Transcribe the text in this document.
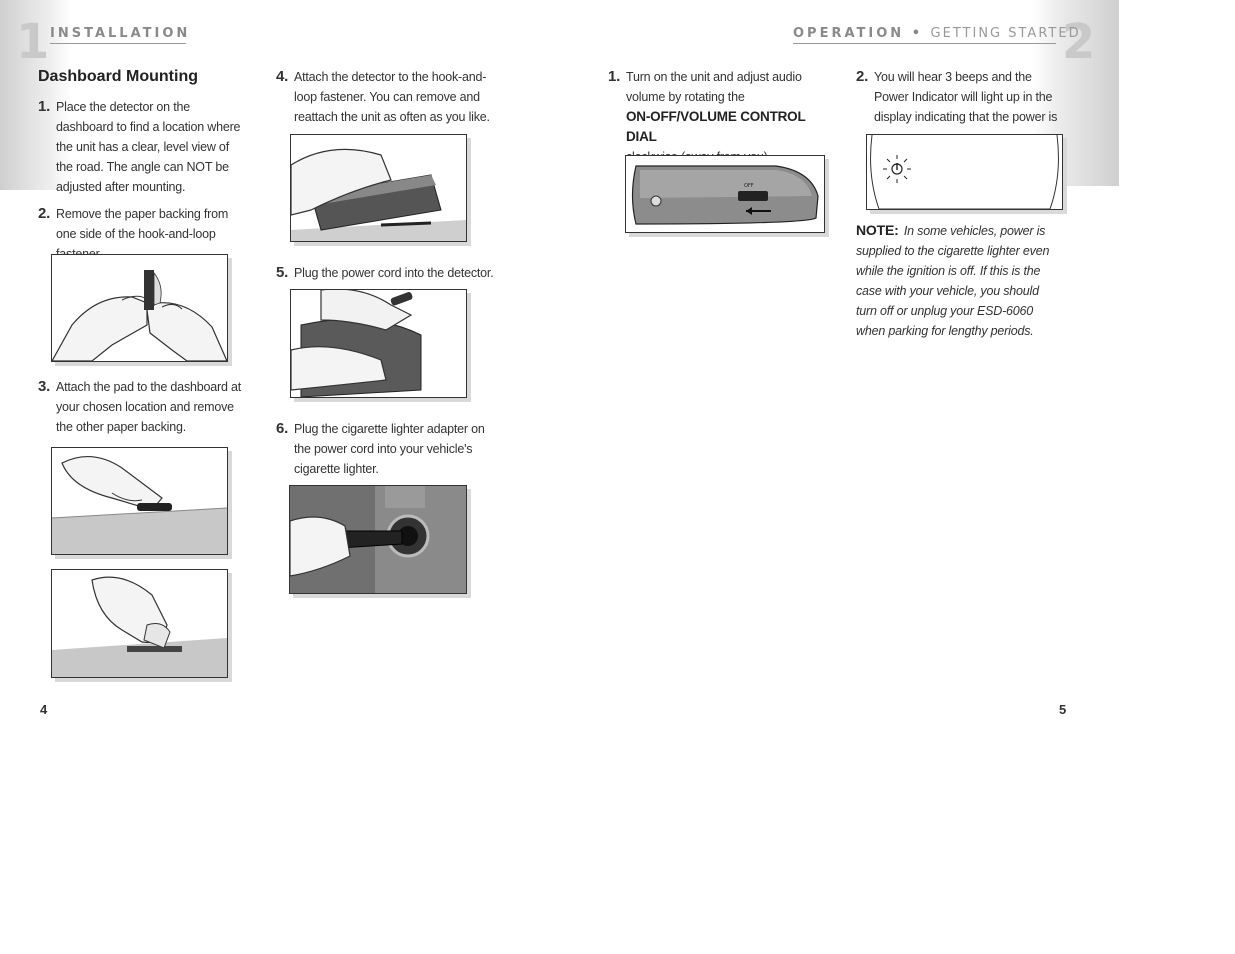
1 INSTALLATION
Dashboard Mounting
1. Place the detector on the dashboard to find a location where the unit has a clear, level view of the road. The angle can NOT be adjusted after mounting.
2. Remove the paper backing from one side of the hook-and-loop
3. Attach the pad to the dashboard at your chosen location and remove the other paper backing.
4. Attach the detector to the hook-and-loop fastener. You can remove and reattach the unit as often as you like.
5. Plug the power cord into the detector.
6. Plug the cigarette lighter adapter on the power cord into your vehicle's cigarette lighter.
4
2
OPERATION • GETTING STARTED
1. Turn on the unit and adjust audio volume by rotating the
ON-OFF/VOLUME CONTROL DIAL

OFF
2. You will hear 3 beeps and the Power Indicator will light up in the display indicating that the power is
NOTE: In some vehicles, power is supplied to the cigarette lighter even while the ignition is off. If this is the case with your vehicle, you should turn off or unplug your ESD-6060 when parking for lengthy periods.
5
